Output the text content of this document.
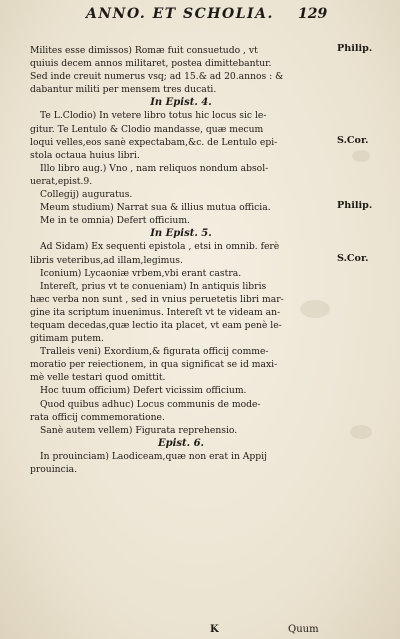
ANNO. ET SCHOLIA.	129
Milites esse dimissos) Romæ fuit consuetudo , vt
quiuis decem annos militaret, postea dimittebantur.
Sed inde creuit numerus vsq; ad 15.& ad 20.annos : &
dabantur militi per mensem tres ducati.
In Epist. 4.
Te L.Clodio) In vetere libro totus hic locus sic le-
gitur. Te Lentulo & Clodio mandasse, quæ mecum
loqui velles,eos sanè expectabam,&c. de Lentulo epi-
stola octaua huius libri.
Illo libro aug.) Vno , nam reliquos nondum absol-
uerat,epist.9.
Collegij) auguratus.
Meum studium) Narrat sua & illius mutua officia.
Me in te omnia) Defert officium.
In Epist. 5.
Ad Sidam) Ex sequenti epistola , etsi in omnib. ferè
libris veteribus,ad illam,legimus.
Iconium) Lycaoniæ vrbem,vbi erant castra.
Intereſt, prius vt te conueniam) In antiquis libris
hæc verba non sunt , sed in vnius peruetetis libri mar-
gine ita scriptum inuenimus. Intereſt vt te videam an-
tequam decedas,quæ lectio ita placet, vt eam penè le-
gitimam putem.
Tralleis veni) Exordium,& figurata officij comme-
moratio per reiectionem, in qua significat se id maxi-
mè velle testari quod omittit.
Hoc tuum officium) Defert vicissim officium.
Quod quibus adhuc) Locus communis de mode-
rata officij commemoratione.
Sanè autem vellem) Figurata reprehensio.
Epist. 6.
In prouinciam) Laodiceam,quæ non erat in Appij
prouincia.
Philip.
S.Cor.
Philip.
S.Cor.
K	Quum
